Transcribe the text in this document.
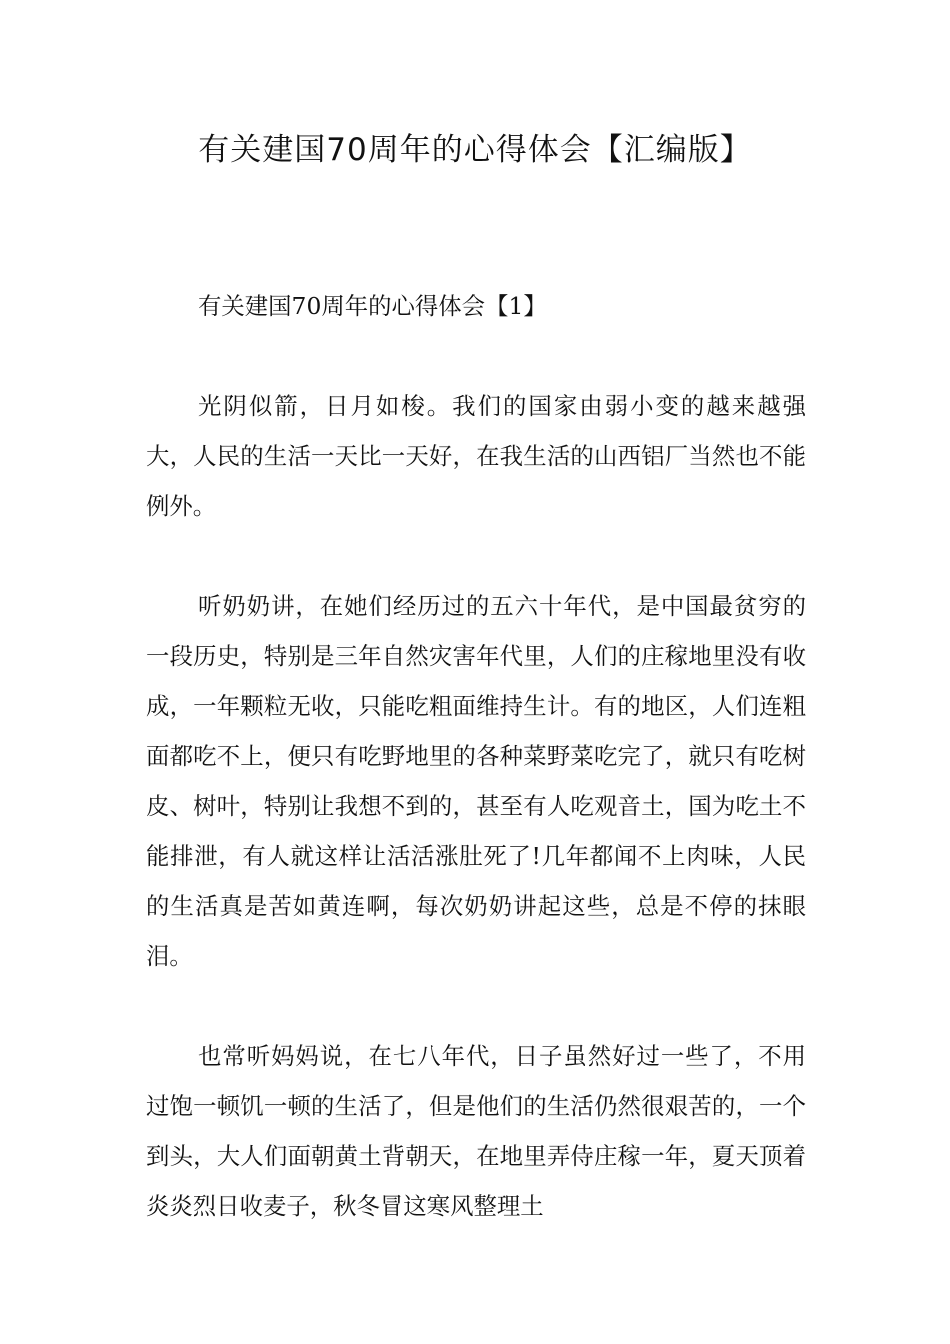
有关建国70周年的心得体会【汇编版】

有关建国70周年的心得体会【1】

光阴似箭，日月如梭。我们的国家由弱小变的越来越强大，人民的生活一天比一天好，在我生活的山西铝厂当然也不能例外。

听奶奶讲，在她们经历过的五六十年代，是中国最贫穷的一段历史，特别是三年自然灾害年代里，人们的庄稼地里没有收成，一年颗粒无收，只能吃粗面维持生计。有的地区，人们连粗面都吃不上，便只有吃野地里的各种菜野菜吃完了，就只有吃树皮、树叶，特别让我想不到的，甚至有人吃观音土，国为吃土不能排泄，有人就这样让活活涨肚死了!几年都闻不上肉味，人民的生活真是苦如黄连啊，每次奶奶讲起这些，总是不停的抹眼泪。

也常听妈妈说，在七八年代，日子虽然好过一些了，不用过饱一顿饥一顿的生活了，但是他们的生活仍然很艰苦的，一个到头，大人们面朝黄土背朝天，在地里弄侍庄稼一年，夏天顶着炎炎烈日收麦子，秋冬冒这寒风整理土
